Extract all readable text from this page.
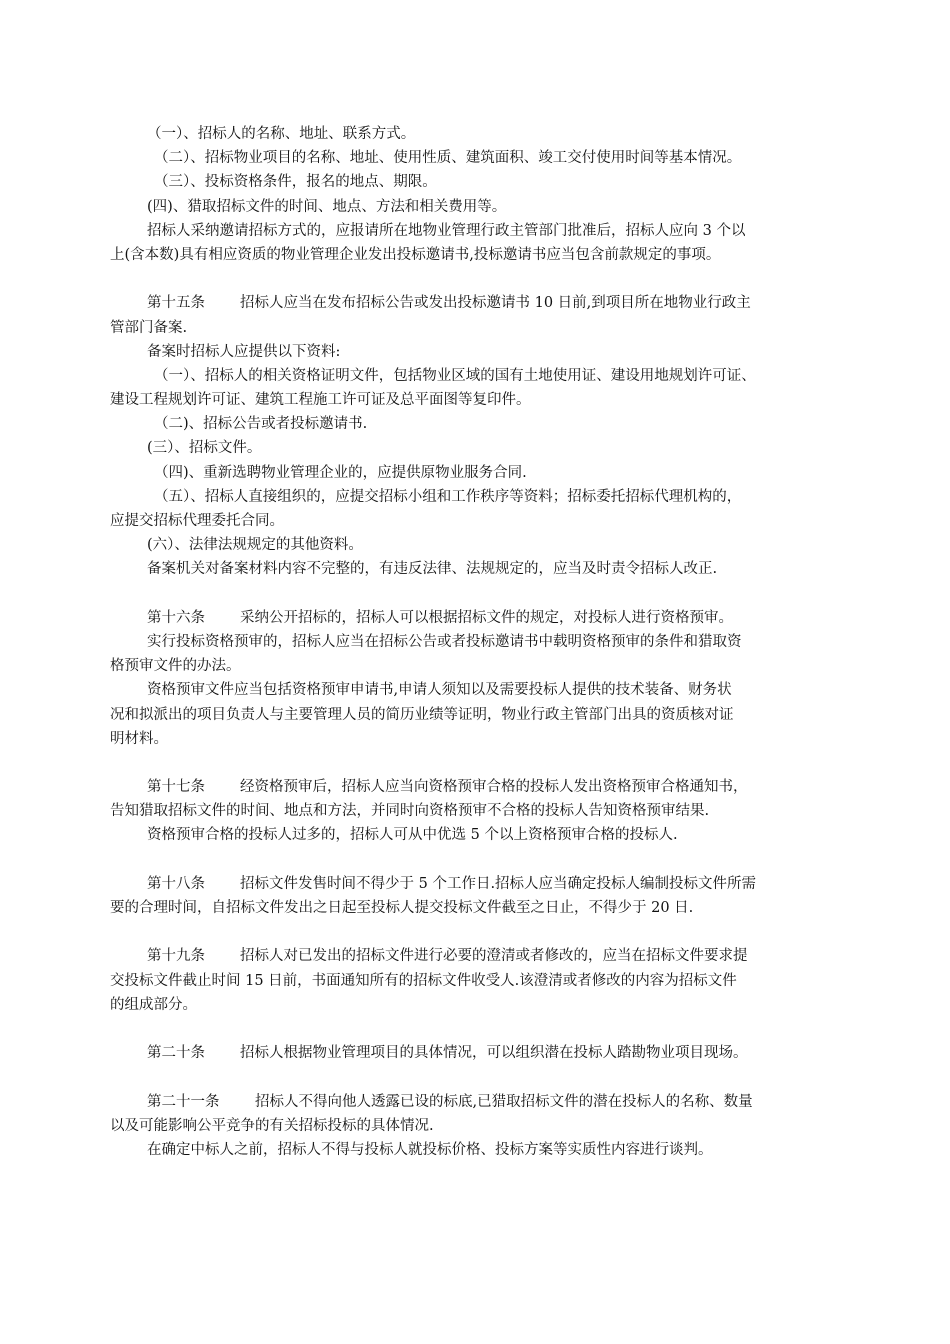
（一）、招标人的名称、地址、联系方式。
（二）、招标物业项目的名称、地址、使用性质、建筑面积、竣工交付使用时间等基本情况。
（三）、投标资格条件，报名的地点、期限。
(四)、猎取招标文件的时间、地点、方法和相关费用等。
招标人采纳邀请招标方式的，应报请所在地物业管理行政主管部门批准后，招标人应向 3 个以
上(含本数)具有相应资质的物业管理企业发出投标邀请书,投标邀请书应当包含前款规定的事项。
第十五条 招标人应当在发布招标公告或发出投标邀请书 10 日前,到项目所在地物业行政主
管部门备案.
备案时招标人应提供以下资料:
（一）、招标人的相关资格证明文件，包括物业区域的国有土地使用证、建设用地规划许可证、
建设工程规划许可证、建筑工程施工许可证及总平面图等复印件。
（二)、招标公告或者投标邀请书.
(三）、招标文件。
（四)、重新选聘物业管理企业的，应提供原物业服务合同.
（五）、招标人直接组织的，应提交招标小组和工作秩序等资料；招标委托招标代理机构的，
应提交招标代理委托合同。
(六）、法律法规规定的其他资料。
备案机关对备案材料内容不完整的，有违反法律、法规规定的，应当及时责令招标人改正.
第十六条 采纳公开招标的，招标人可以根据招标文件的规定，对投标人进行资格预审。
实行投标资格预审的，招标人应当在招标公告或者投标邀请书中载明资格预审的条件和猎取资
格预审文件的办法。
资格预审文件应当包括资格预审申请书,申请人须知以及需要投标人提供的技术装备、财务状
况和拟派出的项目负责人与主要管理人员的简历业绩等证明，物业行政主管部门出具的资质核对证
明材料。
第十七条 经资格预审后，招标人应当向资格预审合格的投标人发出资格预审合格通知书，
告知猎取招标文件的时间、地点和方法，并同时向资格预审不合格的投标人告知资格预审结果.
资格预审合格的投标人过多的，招标人可从中优选 5 个以上资格预审合格的投标人.
第十八条 招标文件发售时间不得少于 5 个工作日.招标人应当确定投标人编制投标文件所需
要的合理时间，自招标文件发出之日起至投标人提交投标文件截至之日止，不得少于 20 日.
第十九条 招标人对已发出的招标文件进行必要的澄清或者修改的，应当在招标文件要求提
交投标文件截止时间 15 日前，书面通知所有的招标文件收受人.该澄清或者修改的内容为招标文件
的组成部分。
第二十条 招标人根据物业管理项目的具体情况，可以组织潜在投标人踏勘物业项目现场。
第二十一条 招标人不得向他人透露已设的标底,已猎取招标文件的潜在投标人的名称、数量
以及可能影响公平竞争的有关招标投标的具体情况.
在确定中标人之前，招标人不得与投标人就投标价格、投标方案等实质性内容进行谈判。
